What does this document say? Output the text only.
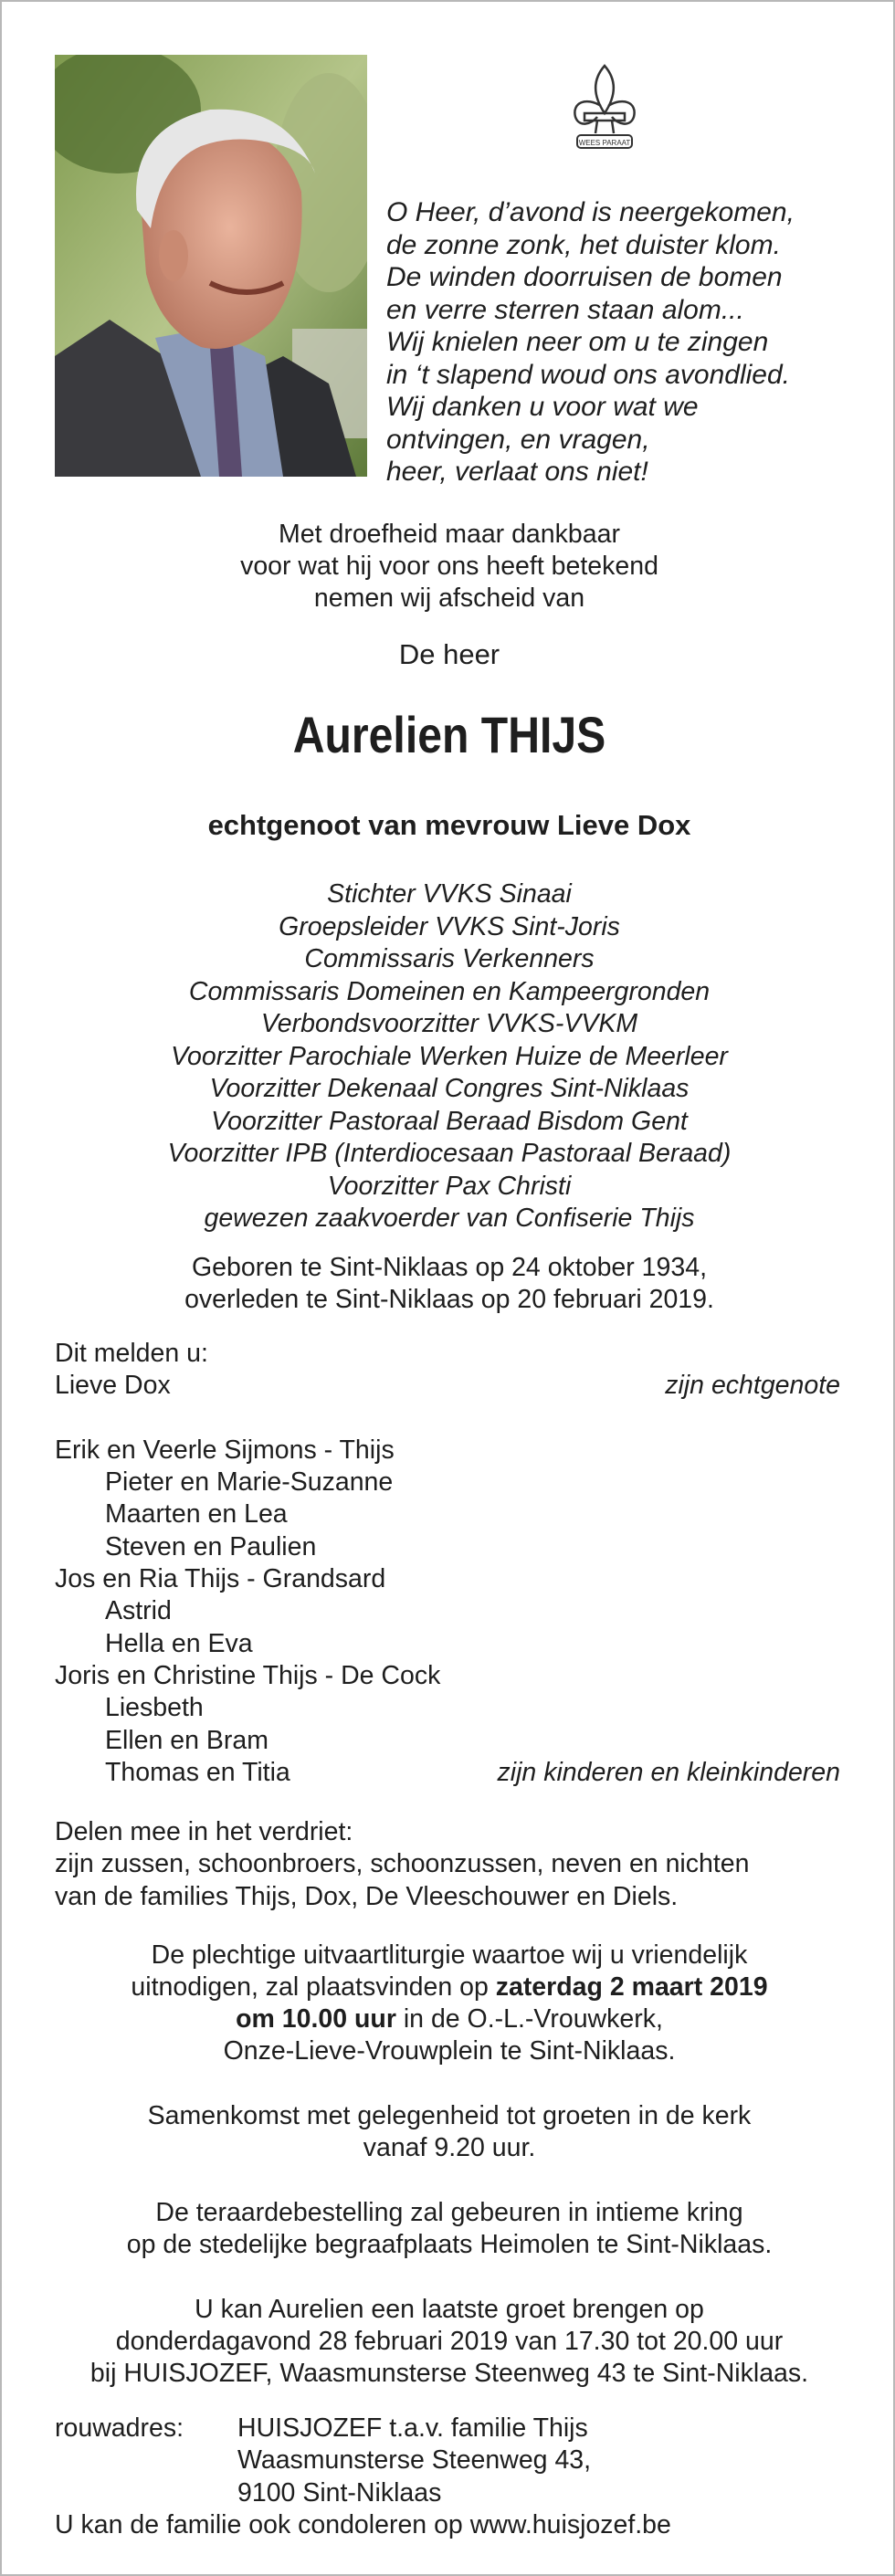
WEES PARAAT
O Heer, d’avond is neergekomen,
de zonne zonk, het duister klom.
De winden doorruisen de bomen
en verre sterren staan alom...
Wij knielen neer om u te zingen
in ‘t slapend woud ons avondlied.
Wij danken u voor wat we
ontvingen, en vragen,
heer, verlaat ons niet!
Met droefheid maar dankbaar
voor wat hij voor ons heeft betekend
nemen wij afscheid van
De heer
Aurelien THIJS
echtgenoot van mevrouw Lieve Dox
Stichter VVKS Sinaai
Groepsleider VVKS Sint-Joris
Commissaris Verkenners
Commissaris Domeinen en Kampeergronden
Verbondsvoorzitter VVKS-VVKM
Voorzitter Parochiale Werken Huize de Meerleer
Voorzitter Dekenaal Congres Sint-Niklaas
Voorzitter Pastoraal Beraad Bisdom Gent
Voorzitter IPB (Interdiocesaan Pastoraal Beraad)
Voorzitter Pax Christi
gewezen zaakvoerder van Confiserie Thijs
Geboren te Sint-Niklaas op 24 oktober 1934,
overleden te Sint-Niklaas op 20 februari 2019.
Dit melden u:
Lieve Dox	zijn echtgenote
Erik en Veerle Sijmons - Thijs
Pieter en Marie-Suzanne
Maarten en Lea
Steven en Paulien
Jos en Ria Thijs - Grandsard
Astrid
Hella en Eva
Joris en Christine Thijs - De Cock
Liesbeth
Ellen en Bram
Thomas en Titia	zijn kinderen en kleinkinderen
Delen mee in het verdriet:
zijn zussen, schoonbroers, schoonzussen, neven en nichten
van de families Thijs, Dox, De Vleeschouwer en Diels.
De plechtige uitvaartliturgie waartoe wij u vriendelijk
uitnodigen, zal plaatsvinden op zaterdag 2 maart 2019
om 10.00 uur in de O.-L.-Vrouwkerk,
Onze-Lieve-Vrouwplein te Sint-Niklaas.
Samenkomst met gelegenheid tot groeten in de kerk
vanaf 9.20 uur.
De teraardebestelling zal gebeuren in intieme kring
op de stedelijke begraafplaats Heimolen te Sint-Niklaas.
U kan Aurelien een laatste groet brengen op
donderdagavond 28 februari 2019 van 17.30 tot 20.00 uur
bij HUISJOZEF, Waasmunsterse Steenweg 43 te Sint-Niklaas.
rouwadres: HUISJOZEF t.a.v. familie Thijs
Waasmunsterse Steenweg 43,
9100 Sint-Niklaas
U kan de familie ook condoleren op www.huisjozef.be
